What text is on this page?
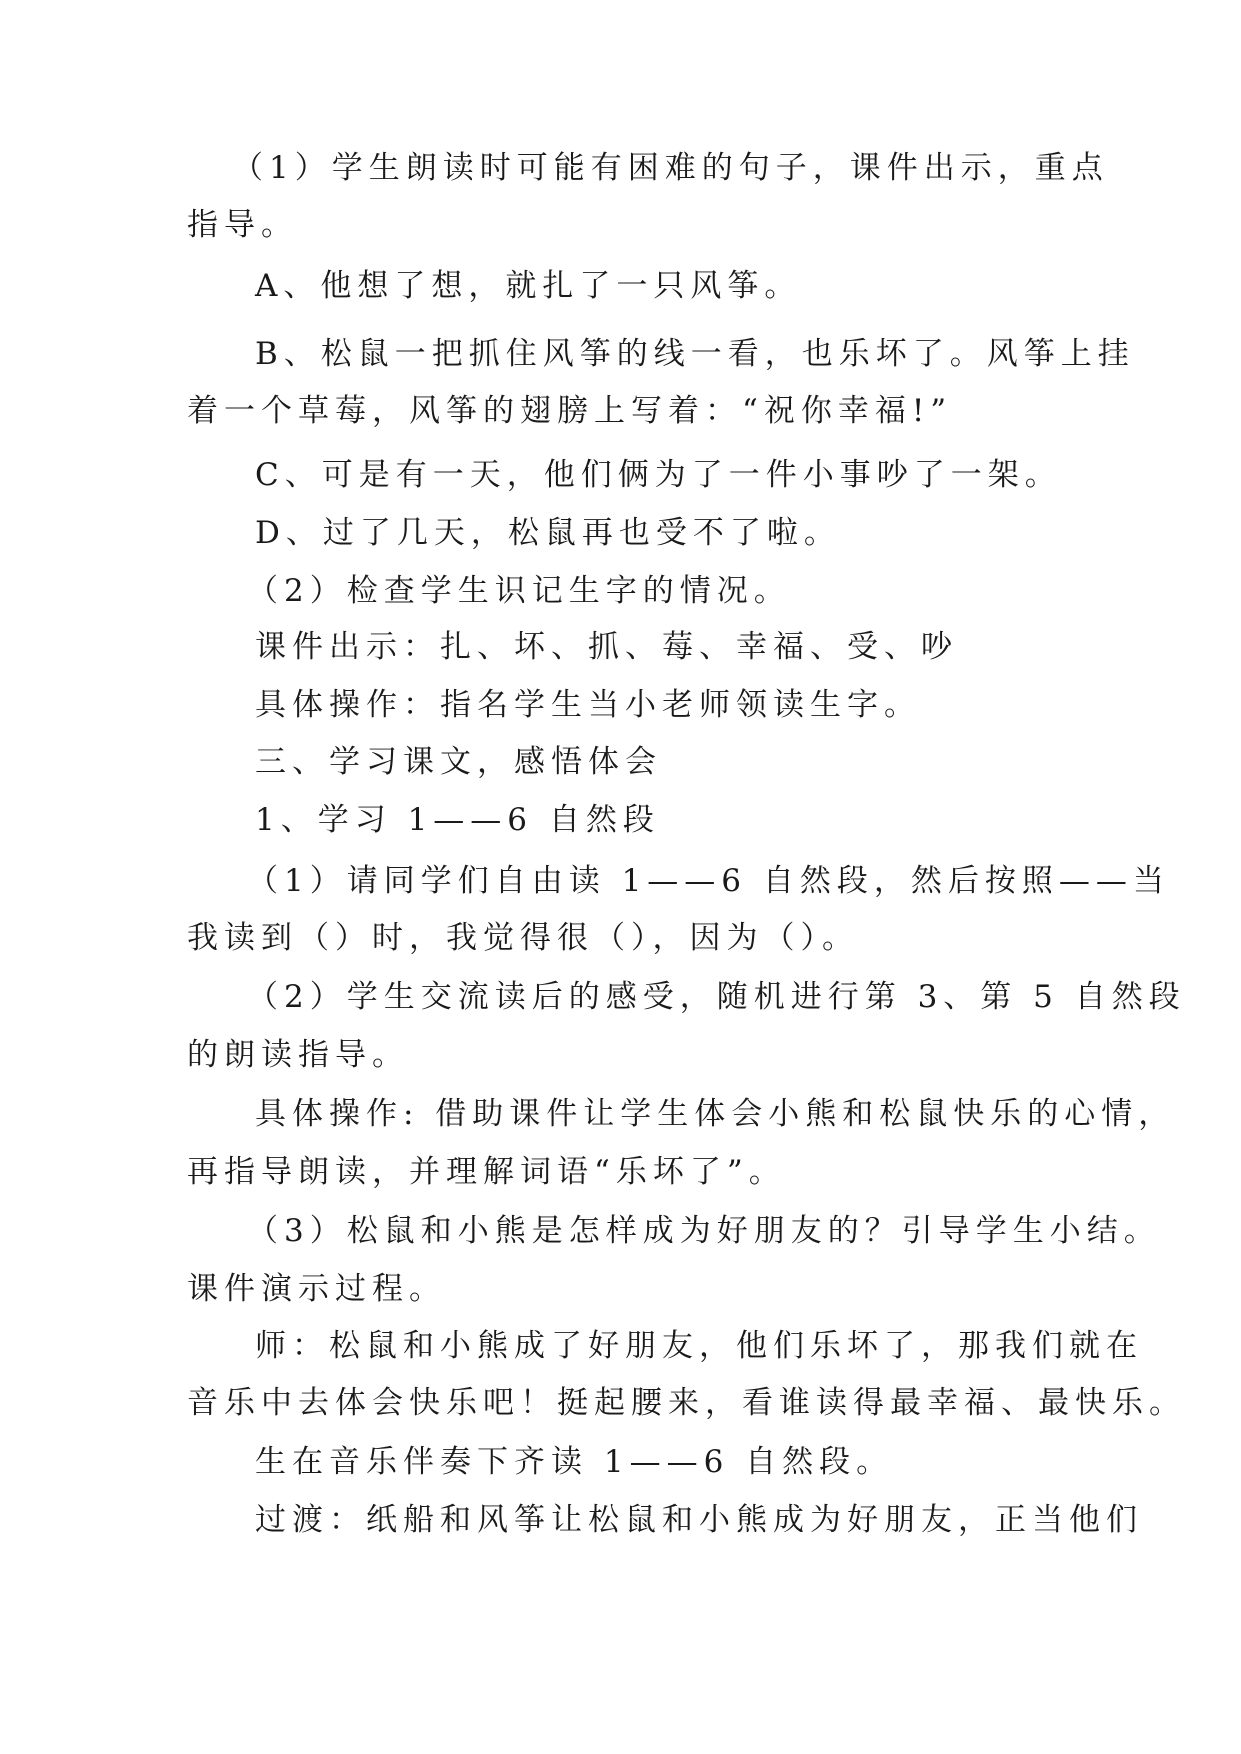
（1）学生朗读时可能有困难的句子，课件出示，重点
指导。
A、他想了想，就扎了一只风筝。
B、松鼠一把抓住风筝的线一看，也乐坏了。风筝上挂
着一个草莓，风筝的翅膀上写着：“祝你幸福!”
C、可是有一天，他们俩为了一件小事吵了一架。
D、过了几天，松鼠再也受不了啦。
（2）检查学生识记生字的情况。
课件出示：扎、坏、抓、莓、幸福、受、吵
具体操作：指名学生当小老师领读生字。
三、学习课文，感悟体会
1、学习 1——6 自然段
（1）请同学们自由读 1——6 自然段，然后按照——当
我读到（）时，我觉得很（），因为（）。
（2）学生交流读后的感受，随机进行第 3、第 5 自然段
的朗读指导。
具体操作: 借助课件让学生体会小熊和松鼠快乐的心情，
再指导朗读，并理解词语“乐坏了”。
（3）松鼠和小熊是怎样成为好朋友的？引导学生小结。
课件演示过程。
师：松鼠和小熊成了好朋友，他们乐坏了，那我们就在
音乐中去体会快乐吧！挺起腰来，看谁读得最幸福、最快乐。
生在音乐伴奏下齐读 1——6 自然段。
过渡：纸船和风筝让松鼠和小熊成为好朋友，正当他们
